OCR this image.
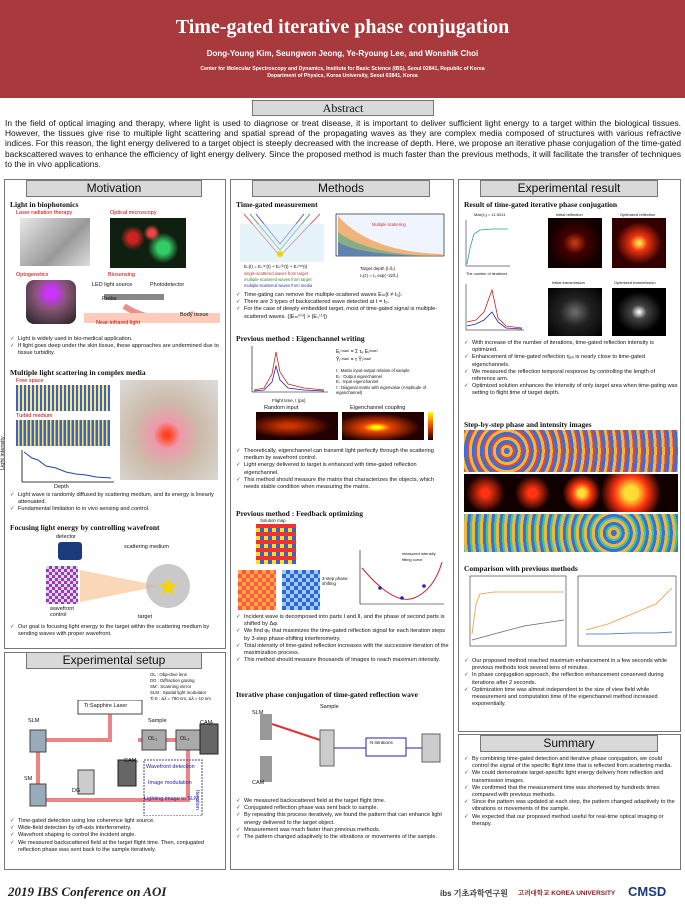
Time-gated iterative phase conjugation
Dong-Young Kim, Seungwon Jeong, Ye-Ryoung Lee, and Wonshik Choi
Center for Molecular Spectroscopy and Dynamics, Institute for Basic Science (IBS), Seoul 02841, Republic of Korea
Department of Physics, Korea University, Seoul 02841, Korea
Abstract
In the field of optical imaging and therapy, where light is used to diagnose or treat disease, it is important to deliver sufficient light energy to a target within the biological tissues. However, the tissues give rise to multiple light scattering and spatial spread of the propagating waves as they are complex media composed of structures with various refractive indices. For this reason, the light energy delivered to a target object is steeply decreased with the increase of depth. Here, we propose an iterative phase conjugation of the time-gated backscattered waves to enhance the efficiency of light energy delivery. Since the proposed method is much faster than the previous methods, it will facilitate the transfer of techniques to the in vivo applications.
Motivation
Light in biophotonics
Laser radiation therapy	Optical microscopy
Optogenetics	Biosensing
LED light source	Photodetector
Probe
Near-infrared light
Body tissue
✓ Light is widely used in bio-medical application.
✓ If light goes deep under the skin tissue, these approaches are undermined due to tissue turbidity.
Multiple light scattering in complex media
Free space
Turbid medium
Depth
Light intensity
✓ Light wave is randomly diffused by scattering medium, and its energy is linearly attenuated.
✓ Fundamental limitation to in vivo sensing and control.
Focusing light energy by controlling wavefront
detector
scattering medium
wavefront control	target
✓ Our goal is focusing light energy to the target within the scattering medium by sending waves with proper wavefront.
Experimental setup
OL : Objective lens
DG : Diffraction grating
SM : Scanning mirror
SLM : Spatial light modulator
Ti:S : Δλ = 790 nm, Δλ = 10 nm
Ti:Sapphire Laser
SLM
SM
DG
Sample
OL₁	OL₂
CAMᵣ
CAMₛ
Wavefront detection
Image modulation
Lighting image to SLM
Iteration
✓ Time-gated detection using low coherence light source.
✓ Wide-field detection by off-axis interferometry.
✓ Wavefront shaping to control the incident angle.
✓ We measured backscattered field at the target flight time. Then, conjugated reflection phase was sent back to the sample iteratively.
Methods
Time-gated measurement
Multiple scattering
Target depth (lₛ/lₛ)
Eₛ(t) = Eₛ⁽¹⁾(t) + Eₛ⁽²⁾(t) + Eₛ⁽ᵐ⁾(t)
Iₛ(z) = I₀ exp(−2z/lₛ)
single-scattered waves from target
multiple-scattered waves from target
multiple-scattered waves from media
✓ Time-gating can remove the multiple-scattered waves Eₘ(t ≠ t₀).
✓ There are 3 types of backscattered wave detected at t = t₀.
✓ For the case of deeply embedded target, most of time-gated signal is multiple-scattered waves. (|Eₘ⁽ᵐ⁾| > |Eₛ⁽¹⁾|)
Previous method : Eigenchannel writing
Flight time, t (ps)
Eᵣ⁽ᵐᵃˣ⁾ = Σ τₑ Eᵢ⁽ᵐᵃˣ⁾
Ŷᵣ⁽ᵐᵃˣ⁾ = τ Ŷᵢ⁽ᵐᵃˣ⁾
t : Matrix input-output relation of sample
Eᵣ : Output eigenchannel
Eᵢ : Input eigenchannel
τ : Diagonal matrix with eigenvalue (Amplitude of eigenchannel)
Random input	Eigenchannel coupling
✓ Theoretically, eigenchannel can transmit light perfectly through the scattering medium by wavefront control.
✓ Light energy delivered to target is enhanced with time-gated reflection eigenchannel.
✓ This method should measure the matrix that characterizes the objects, which needs stable condition when measuring the matrix.
Previous method : Feedback optimizing
Solution map
3-step phase-shifting
measured intensity
fitting curve
✓ Incident wave is decomposed into parts I and II, and the phase of second parts is shifted by Δφ.
✓ We find φ₀ that maximizes the time-gated reflection signal for each iteration steps by 3-step phase-shifting interferometry.
✓ Total intensity of time-gated reflection increases with the successive iteration of the maximization process.
✓ This method should measure thousands of images to reach maximum intensity.
Iterative phase conjugation of time-gated reflection wave
Sample
N iterations
SLM
CAM
✓ We measured backscattered field at the target flight time.
✓ Conjugated reflection phase was sent back to sample.
✓ By repeating this process iteratively, we found the pattern that can enhance light energy delivered to the target object.
✓ Measurement was much faster than previous methods.
✓ The pattern changed adaptively to the vibrations or movements of the sample.
Experimental result
Result of time-gated iterative phase conjugation
Max(I₀) = 11.5411
The number of iterations
Initial reflection	Optimized reflection
Initial transmission	Optimized transmission
✓ With increase of the number of iterations, time-gated reflection intensity is optimized.
✓ Enhancement of time-gated reflection ηₚᵥ is nearly close to time-gated eigenchannels.
✓ We measured the reflection temporal response by controlling the length of reference arm.
✓ Optimized solution enhances the intensity of only target area when time-gating was setting to flight time of target depth.
Step-by-step phase and intensity images
Comparison with previous methods
✓ Our proposed method reached maximum enhancement in a few seconds while previous methods took several tens of minutes.
✓ In phase conjugation approach, the reflection enhancement conserved during iterations after 2 seconds.
✓ Optimization time was almost independent to the size of view field while measurement and computation time of the eigenchannel method increased exponentially.
Summary
✓ By combining time-gated detection and iterative phase conjugation, we could control the signal of the specific flight time that is reflected from scattering media.
✓ We could demonstrate target-specific light energy delivery from reflection and transmission images.
✓ We confirmed that the measurement time was shortened by hundreds times compared with previous methods.
✓ Since the pattern was updated at each step, the pattern changed adaptively to the vibrations or movements of the sample.
✓ We expected that our proposed method useful for real-time optical imaging or therapy.
2019 IBS Conference on AOI	ibs 기초과학연구원 고려대학교 KOREA UNIVERSITY CMSD
